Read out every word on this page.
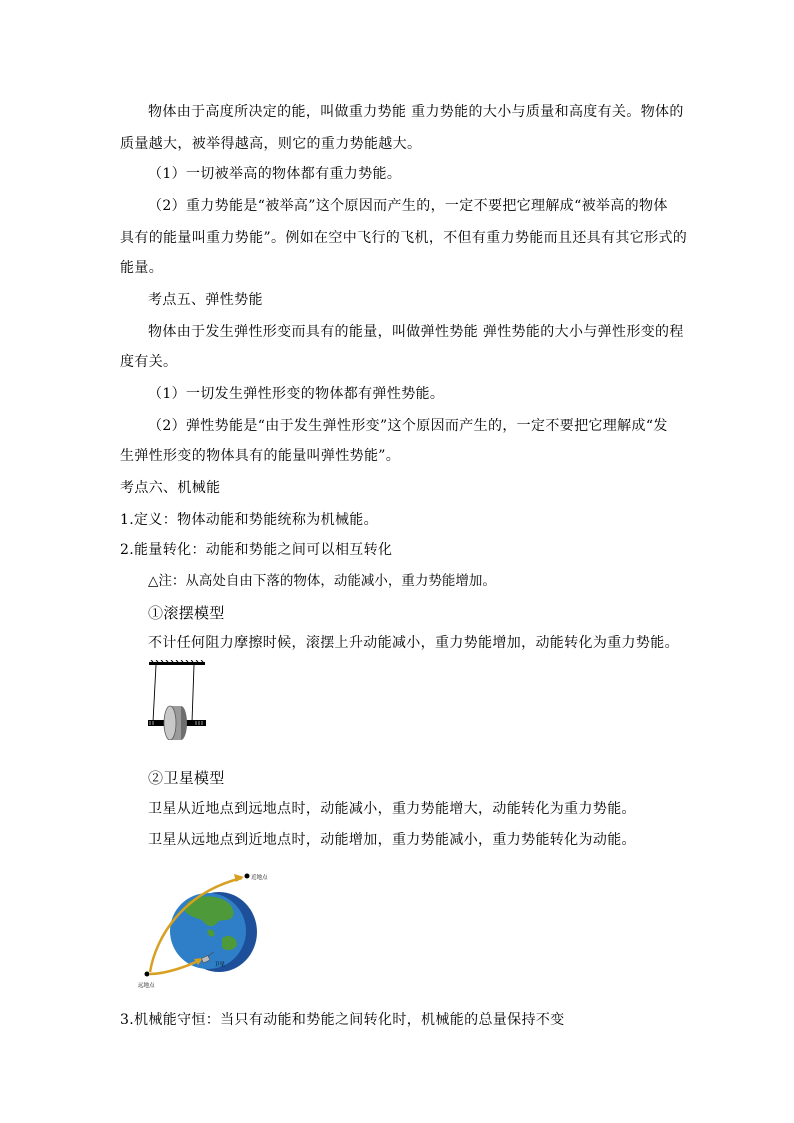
物体由于高度所决定的能，叫做重力势能 重力势能的大小与质量和高度有关。物体的
质量越大，被举得越高，则它的重力势能越大。
（1）一切被举高的物体都有重力势能。
（2）重力势能是“被举高”这个原因而产生的，一定不要把它理解成“被举高的物体
具有的能量叫重力势能”。例如在空中飞行的飞机，不但有重力势能而且还具有其它形式的
能量。
考点五、弹性势能
物体由于发生弹性形变而具有的能量，叫做弹性势能 弹性势能的大小与弹性形变的程
度有关。
（1）一切发生弹性形变的物体都有弹性势能。
（2）弹性势能是“由于发生弹性形变”这个原因而产生的，一定不要把它理解成“发
生弹性形变的物体具有的能量叫弹性势能”。
考点六、机械能
1.定义：物体动能和势能统称为机械能。
2.能量转化：动能和势能之间可以相互转化
△注：从高处自由下落的物体，动能减小，重力势能增加。
①滚摆模型
不计任何阻力摩擦时候，滚摆上升动能减小，重力势能增加，动能转化为重力势能。
②卫星模型
卫星从近地点到远地点时，动能减小，重力势能增大，动能转化为重力势能。
卫星从远地点到近地点时，动能增加，重力势能减小，重力势能转化为动能。
近地点
远地点
卫星
3.机械能守恒：当只有动能和势能之间转化时，机械能的总量保持不变
